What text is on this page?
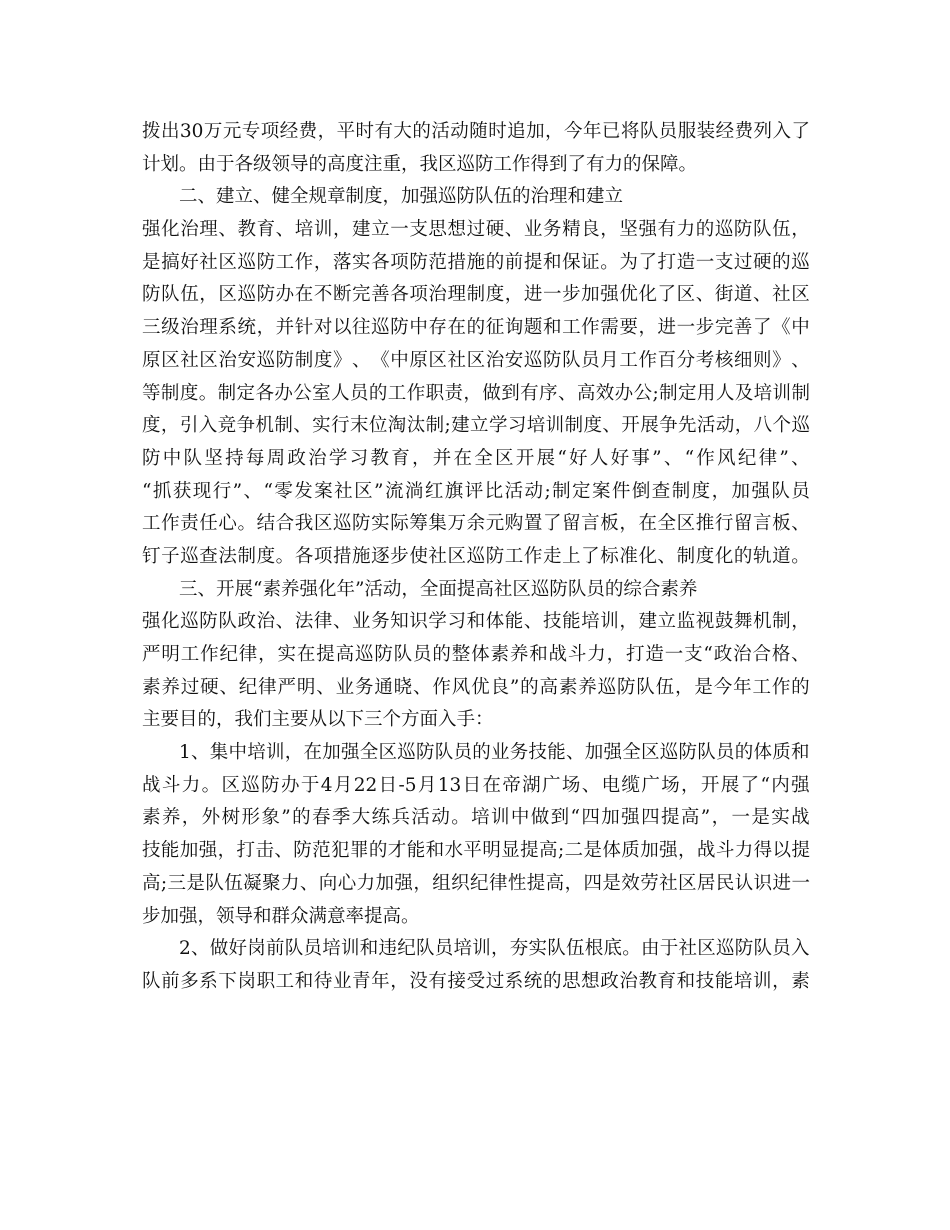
拨 出 30 万 元 专 项 经 费 ， 平 时 有 大 的 活 动 随 时 追 加 ， 今 年 已 将 队 员 服 装 经 费 列 入 了
计划。由于各级领导的高度注重，我区巡防工作得到了有力的保障。
二、建立、健全规章制度，加强巡防队伍的治理和建立
强 化 治 理 、 教 育 、 培 训 ， 建 立 一 支 思 想 过 硬 、 业 务 精 良 ， 坚 强 有 力 的 巡 防 队 伍 ，
是 搞 好 社 区 巡 防 工 作 ， 落 实 各 项 防 范 措 施 的 前 提 和 保 证 。 为 了 打 造 一 支 过 硬 的 巡
防 队 伍 ， 区 巡 防 办 在 不 断 完 善 各 项 治 理 制 度 ， 进 一 步 加 强 优 化 了 区 、 街 道 、 社 区
三 级 治 理 系 统 ， 并 针 对 以 往 巡 防 中 存 在 的 征 询 题 和 工 作 需 要 ， 进 一 步 完 善 了 《 中
原 区 社 区 治 安 巡 防 制 度 》 、 《 中 原 区 社 区 治 安 巡 防 队 员 月 工 作 百 分 考 核 细 则 》 、
等 制 度 。 制 定 各 办 公 室 人 员 的 工 作 职 责 ， 做 到 有 序 、 高 效 办 公 ; 制 定 用 人 及 培 训 制
度 ， 引 入 竞 争 机 制 、 实 行 末 位 淘 汰 制 ; 建 立 学 习 培 训 制 度 、 开 展 争 先 活 动 ， 八 个 巡
防 中 队 坚 持 每 周 政 治 学 习 教 育 ， 并 在 全 区 开 展 “ 好 人 好 事 ” 、 “ 作 风 纪 律 ” 、
“ 抓 获 现 行 ” 、 “ 零 发 案 社 区 ” 流 淌 红 旗 评 比 活 动 ; 制 定 案 件 倒 查 制 度 ， 加 强 队 员
工 作 责 任 心 。 结 合 我 区 巡 防 实 际 筹 集 万 余 元 购 置 了 留 言 板 ， 在 全 区 推 行 留 言 板 、
钉 子 巡 查 法 制 度 。 各 项 措 施 逐 步 使 社 区 巡 防 工 作 走 上 了 标 准 化 、 制 度 化 的 轨 道 。
三、开展“素养强化年”活动，全面提高社区巡防队员的综合素养
强 化 巡 防 队 政 治 、 法 律 、 业 务 知 识 学 习 和 体 能 、 技 能 培 训 ， 建 立 监 视 鼓 舞 机 制 ，
严 明 工 作 纪 律 ， 实 在 提 高 巡 防 队 员 的 整 体 素 养 和 战 斗 力 ， 打 造 一 支 “ 政 治 合 格 、
素 养 过 硬 、 纪 律 严 明 、 业 务 通 晓 、 作 风 优 良 ” 的 高 素 养 巡 防 队 伍 ， 是 今 年 工 作 的
主要目的，我们主要从以下三个方面入手：
1 、 集 中 培 训 ， 在 加 强 全 区 巡 防 队 员 的 业 务 技 能 、 加 强 全 区 巡 防 队 员 的 体 质 和
战 斗 力 。 区 巡 防 办 于 4 月 22 日 -5 月 13 日 在 帝 湖 广 场 、 电 缆 广 场 ， 开 展 了 “ 内 强
素 养 ， 外 树 形 象 ” 的 春 季 大 练 兵 活 动 。 培 训 中 做 到 “ 四 加 强 四 提 高 ” ， 一 是 实 战
技 能 加 强 ， 打 击 、 防 范 犯 罪 的 才 能 和 水 平 明 显 提 高 ; 二 是 体 质 加 强 ， 战 斗 力 得 以 提
高 ; 三 是 队 伍 凝 聚 力 、 向 心 力 加 强 ， 组 织 纪 律 性 提 高 ， 四 是 效 劳 社 区 居 民 认 识 进 一
步加强，领导和群众满意率提高。
2 、 做 好 岗 前 队 员 培 训 和 违 纪 队 员 培 训 ， 夯 实 队 伍 根 底 。 由 于 社 区 巡 防 队 员 入
队 前 多 系 下 岗 职 工 和 待 业 青 年 ， 没 有 接 受 过 系 统 的 思 想 政 治 教 育 和 技 能 培 训 ， 素
